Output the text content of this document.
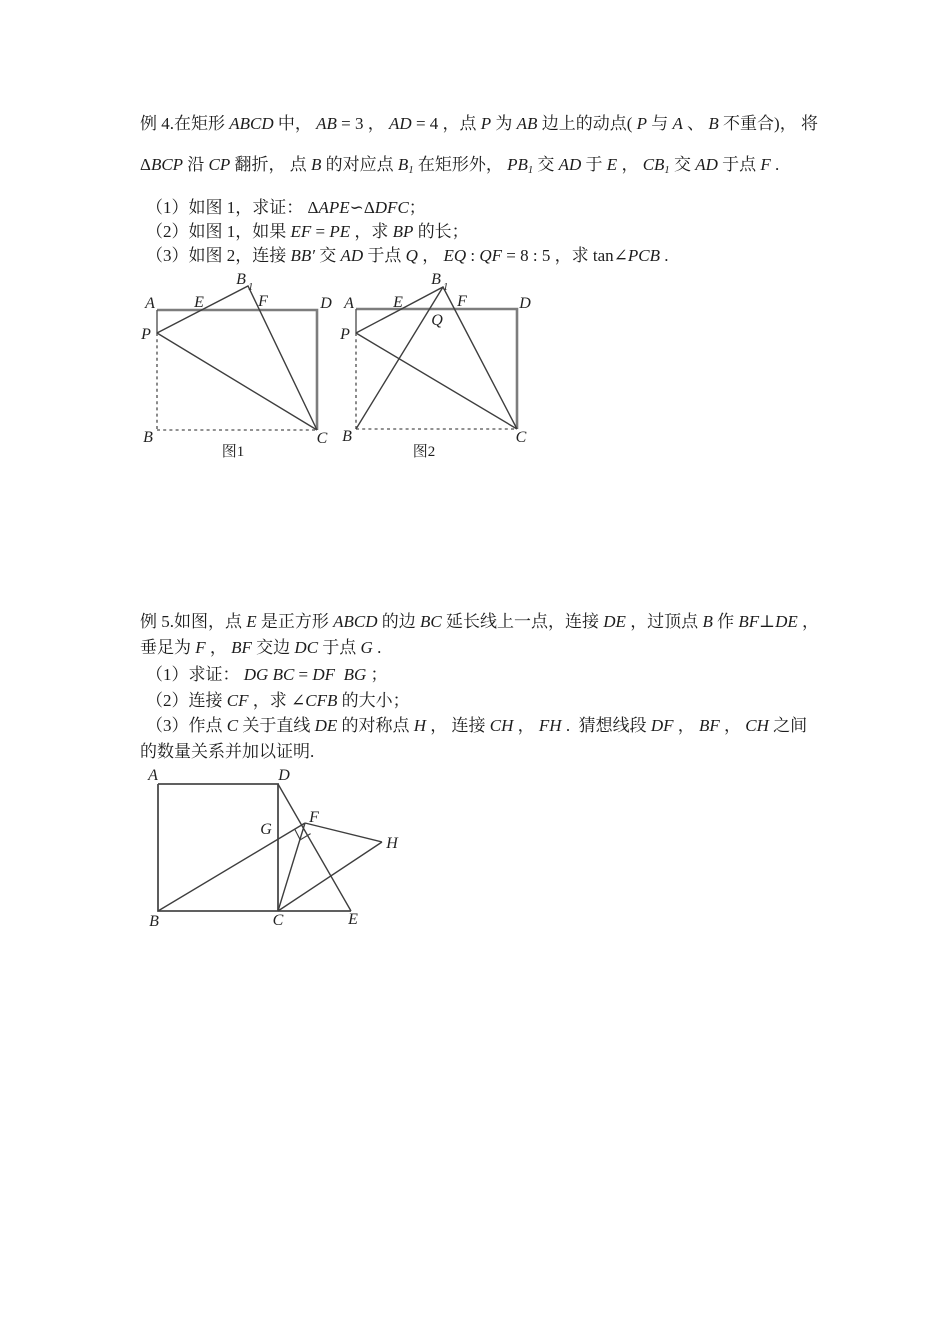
例 4.在矩形 ABCD 中， AB = 3 ， AD = 4 ，点 P 为 AB 边上的动点( P 与 A 、 B 不重合)， 将
ΔBCP 沿 CP 翻折， 点 B 的对应点 $B_1$ 在矩形外， $PB_1$ 交 AD 于 E ， $CB_1$ 交 AD 于点 F .
（1）如图 1，求证： ΔAPE∽ΔDFC；
（2）如图 1，如果 EF = PE ，求 BP 的长；
（3）如图 2，连接 BB′ 交 AD 于点 Q ， EQ : QF = 8 : 5 ，求 tan∠PCB .
例 5.如图，点 E 是正方形 ABCD 的边 BC 延长线上一点，连接 DE ，过顶点 B 作 BF⊥DE ，
垂足为 F ， BF 交边 DC 于点 G .
（1）求证： DG BC = DF BG ；
（2）连接 CF ，求 ∠CFB 的大小；
（3）作点 C 关于直线 DE 的对称点 H ， 连接 CH ， FH .  猜想线段 DF ， BF ， CH 之间
的数量关系并加以证明.
A E	F	D
B 1
P
B	C
图1
A E	F	D
B 1
Q
P
B	C
图2
A	D
G
F
H
B	C	E
